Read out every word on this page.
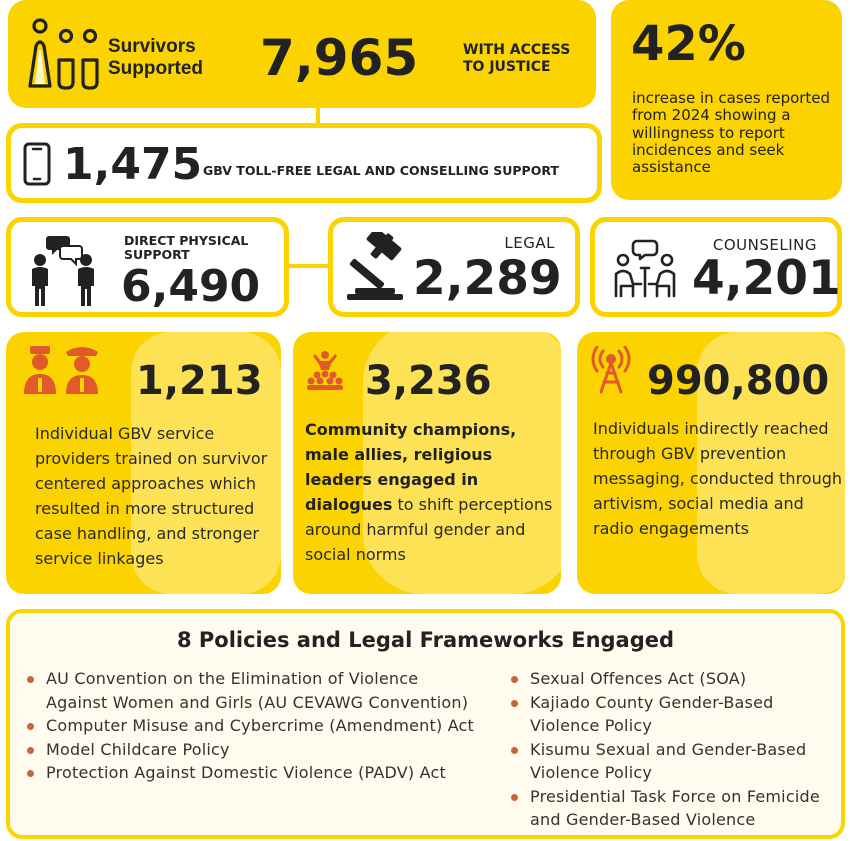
Survivors Supported	7,965	WITH ACCESS TO JUSTICE	42%
increase in cases reported from 2024 showing a willingness to report incidences and seek assistance
1,475 GBV TOLL-FREE LEGAL AND CONSELLING SUPPORT
DIRECT PHYSICAL SUPPORT
6,490
LEGAL
2,289
COUNSELING
4,201
1,213
Individual GBV service providers trained on survivor centered approaches which resulted in more structured case handling, and stronger service linkages
3,236
Community champions, male allies, religious leaders engaged in dialogues to shift perceptions around harmful gender and social norms
990,800
Individuals indirectly reached through GBV prevention messaging, conducted through artivism, social media and radio engagements
8 Policies and Legal Frameworks Engaged
AU Convention on the Elimination of Violence Against Women and Girls (AU CEVAWG Convention)
Computer Misuse and Cybercrime (Amendment) Act
Model Childcare Policy
Protection Against Domestic Violence (PADV) Act
Sexual Offences Act (SOA)
Kajiado County Gender-Based Violence Policy
Kisumu Sexual and Gender-Based Violence Policy
Presidential Task Force on Femicide and Gender-Based Violence
